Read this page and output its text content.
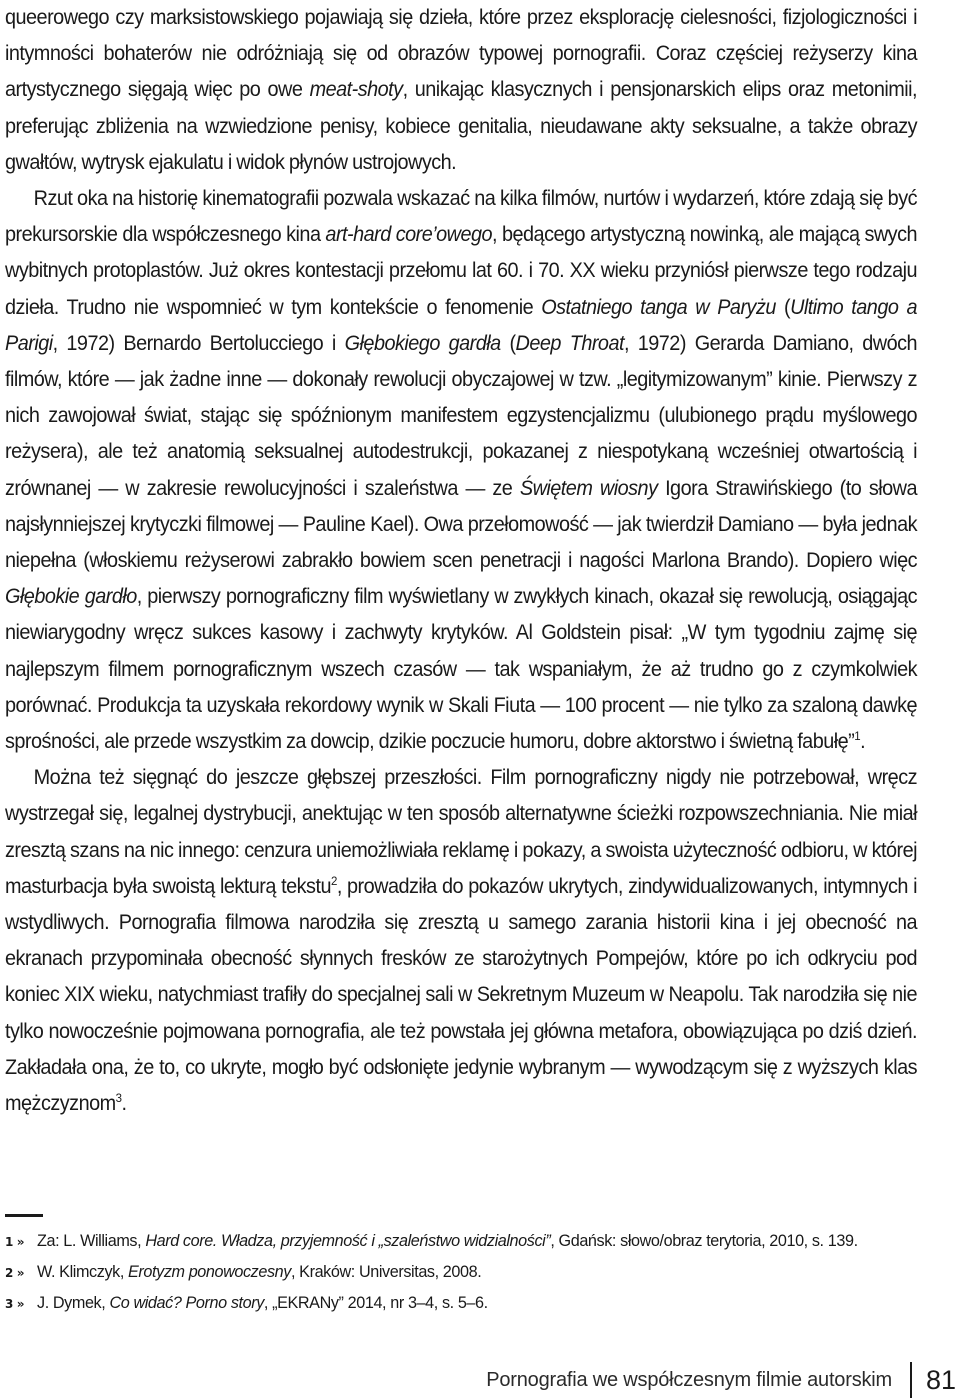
queerowego czy marksistowskiego pojawiają się dzieła, które przez eksplorację cielesności, fizjologiczności i intymności bohaterów nie odróżniają się od obrazów typowej pornografii. Coraz częściej reżyserzy kina artystycznego sięgają więc po owe meat-shoty, unikając klasycznych i pensjonarskich elips oraz metonimii, preferując zbliżenia na wzwiedzione penisy, kobiece genitalia, nieudawane akty seksualne, a także obrazy gwałtów, wytrysk ejakulatu i widok płynów ustrojowych.

Rzut oka na historię kinematografii pozwala wskazać na kilka filmów, nurtów i wydarzeń, które zdają się być prekursorskie dla współczesnego kina art-hard core’owego, będącego artystyczną nowinką, ale mającą swych wybitnych protoplastów. Już okres kontestacji przełomu lat 60. i 70. XX wieku przyniósł pierwsze tego rodzaju dzieła. Trudno nie wspomnieć w tym kontekście o fenomenie Ostatniego tanga w Paryżu (Ultimo tango a Parigi, 1972) Bernardo Bertolucciego i Głębokiego gardła (Deep Throat, 1972) Gerarda Damiano, dwóch filmów, które — jak żadne inne — dokonały rewolucji obyczajowej w tzw. „legitymizowanym” kinie. Pierwszy z nich zawojował świat, stając się spóźnionym manifestem egzystencjalizmu (ulubionego prądu myślowego reżysera), ale też anatomią seksualnej autodestrukcji, pokazanej z niespotykaną wcześniej otwartością i zrównanej — w zakresie rewolucyjności i szaleństwa — ze Świętem wiosny Igora Strawińskiego (to słowa najsłynniejszej krytyczki filmowej — Pauline Kael). Owa przełomowość — jak twierdził Damiano — była jednak niepełna (włoskiemu reżyserowi zabrakło bowiem scen penetracji i nagości Marlona Brando). Dopiero więc Głębokie gardło, pierwszy pornograficzny film wyświetlany w zwykłych kinach, okazał się rewolucją, osiągając niewiarygodny wręcz sukces kasowy i zachwyty krytyków. Al Goldstein pisał: „W tym tygodniu zajmę się najlepszym filmem pornograficznym wszech czasów — tak wspaniałym, że aż trudno go z czymkolwiek porównać. Produkcja ta uzyskała rekordowy wynik w Skali Fiuta — 100 procent — nie tylko za szaloną dawkę sprośności, ale przede wszystkim za dowcip, dzikie poczucie humoru, dobre aktorstwo i świetną fabułę”$^1$.

Można też sięgnąć do jeszcze głębszej przeszłości. Film pornograficzny nigdy nie potrzebował, wręcz wystrzegał się, legalnej dystrybucji, anektując w ten sposób alternatywne ścieżki rozpowszechniania. Nie miał zresztą szans na nic innego: cenzura uniemożliwiała reklamę i pokazy, a swoista użyteczność odbioru, w której masturbacja była swoistą lekturą tekstu$^2$, prowadziła do pokazów ukrytych, zindywidualizowanych, intymnych i wstydliwych. Pornografia filmowa narodziła się zresztą u samego zarania historii kina i jej obecność na ekranach przypominała obecność słynnych fresków ze starożytnych Pompejów, które po ich odkryciu pod koniec XIX wieku, natychmiast trafiły do specjalnej sali w Sekretnym Muzeum w Neapolu. Tak narodziła się nie tylko nowocześnie pojmowana pornografia, ale też powstała jej główna metafora, obowiązująca po dziś dzień. Zakładała ona, że to, co ukryte, mogło być odsłonięte jedynie wybranym — wywodzącym się z wyższych klas mężczyznom$^3$.

1 » Za: L. Williams, Hard core. Władza, przyjemność i „szaleństwo widzialności”, Gdańsk: słowo/obraz terytoria, 2010, s. 139.
2 » W. Klimczyk, Erotyzm ponowoczesny, Kraków: Universitas, 2008.
3 » J. Dymek, Co widać? Porno story, „EKRANy” 2014, nr 3–4, s. 5–6.
Pornografia we współczesnym filmie autorskim 81
